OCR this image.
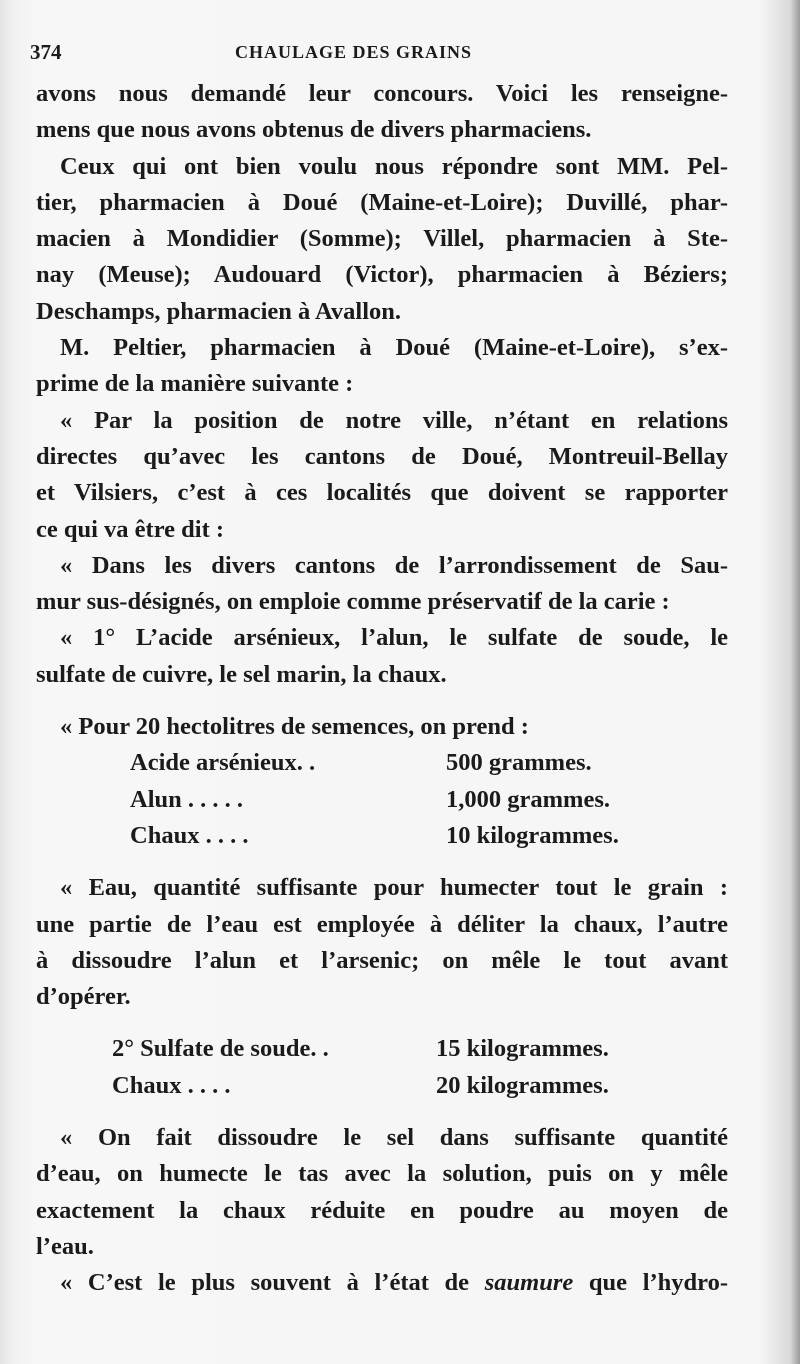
374	CHAULAGE DES GRAINS
avons nous demandé leur concours. Voici les renseigne-
mens que nous avons obtenus de divers pharmaciens.
Ceux qui ont bien voulu nous répondre sont MM. Pel-
tier, pharmacien à Doué (Maine-et-Loire); Duvillé, phar-
macien à Mondidier (Somme); Villel, pharmacien à Ste-
nay (Meuse); Audouard (Victor), pharmacien à Béziers;
Deschamps, pharmacien à Avallon.
M. Peltier, pharmacien à Doué (Maine-et-Loire), s’ex-
prime de la manière suivante :
« Par la position de notre ville, n’étant en relations
directes qu’avec les cantons de Doué, Montreuil-Bellay
et Vilsiers, c’est à ces localités que doivent se rapporter
ce qui va être dit :
« Dans les divers cantons de l’arrondissement de Sau-
mur sus-désignés, on emploie comme préservatif de la carie :
« 1° L’acide arsénieux, l’alun, le sulfate de soude, le
sulfate de cuivre, le sel marin, la chaux.
« Pour 20 hectolitres de semences, on prend :
Acide arsénieux. .	500 grammes.
Alun . . . . .	1,000 grammes.
Chaux . . . .	10 kilogrammes.
« Eau, quantité suffisante pour humecter tout le grain :
une partie de l’eau est employée à déliter la chaux, l’autre
à dissoudre l’alun et l’arsenic; on mêle le tout avant
d’opérer.
2° Sulfate de soude. .	15 kilogrammes.
Chaux . . . .	20 kilogrammes.
« On fait dissoudre le sel dans suffisante quantité
d’eau, on humecte le tas avec la solution, puis on y mêle
exactement la chaux réduite en poudre au moyen de
l’eau.
« C’est le plus souvent à l’état de saumure que l’hydro-
